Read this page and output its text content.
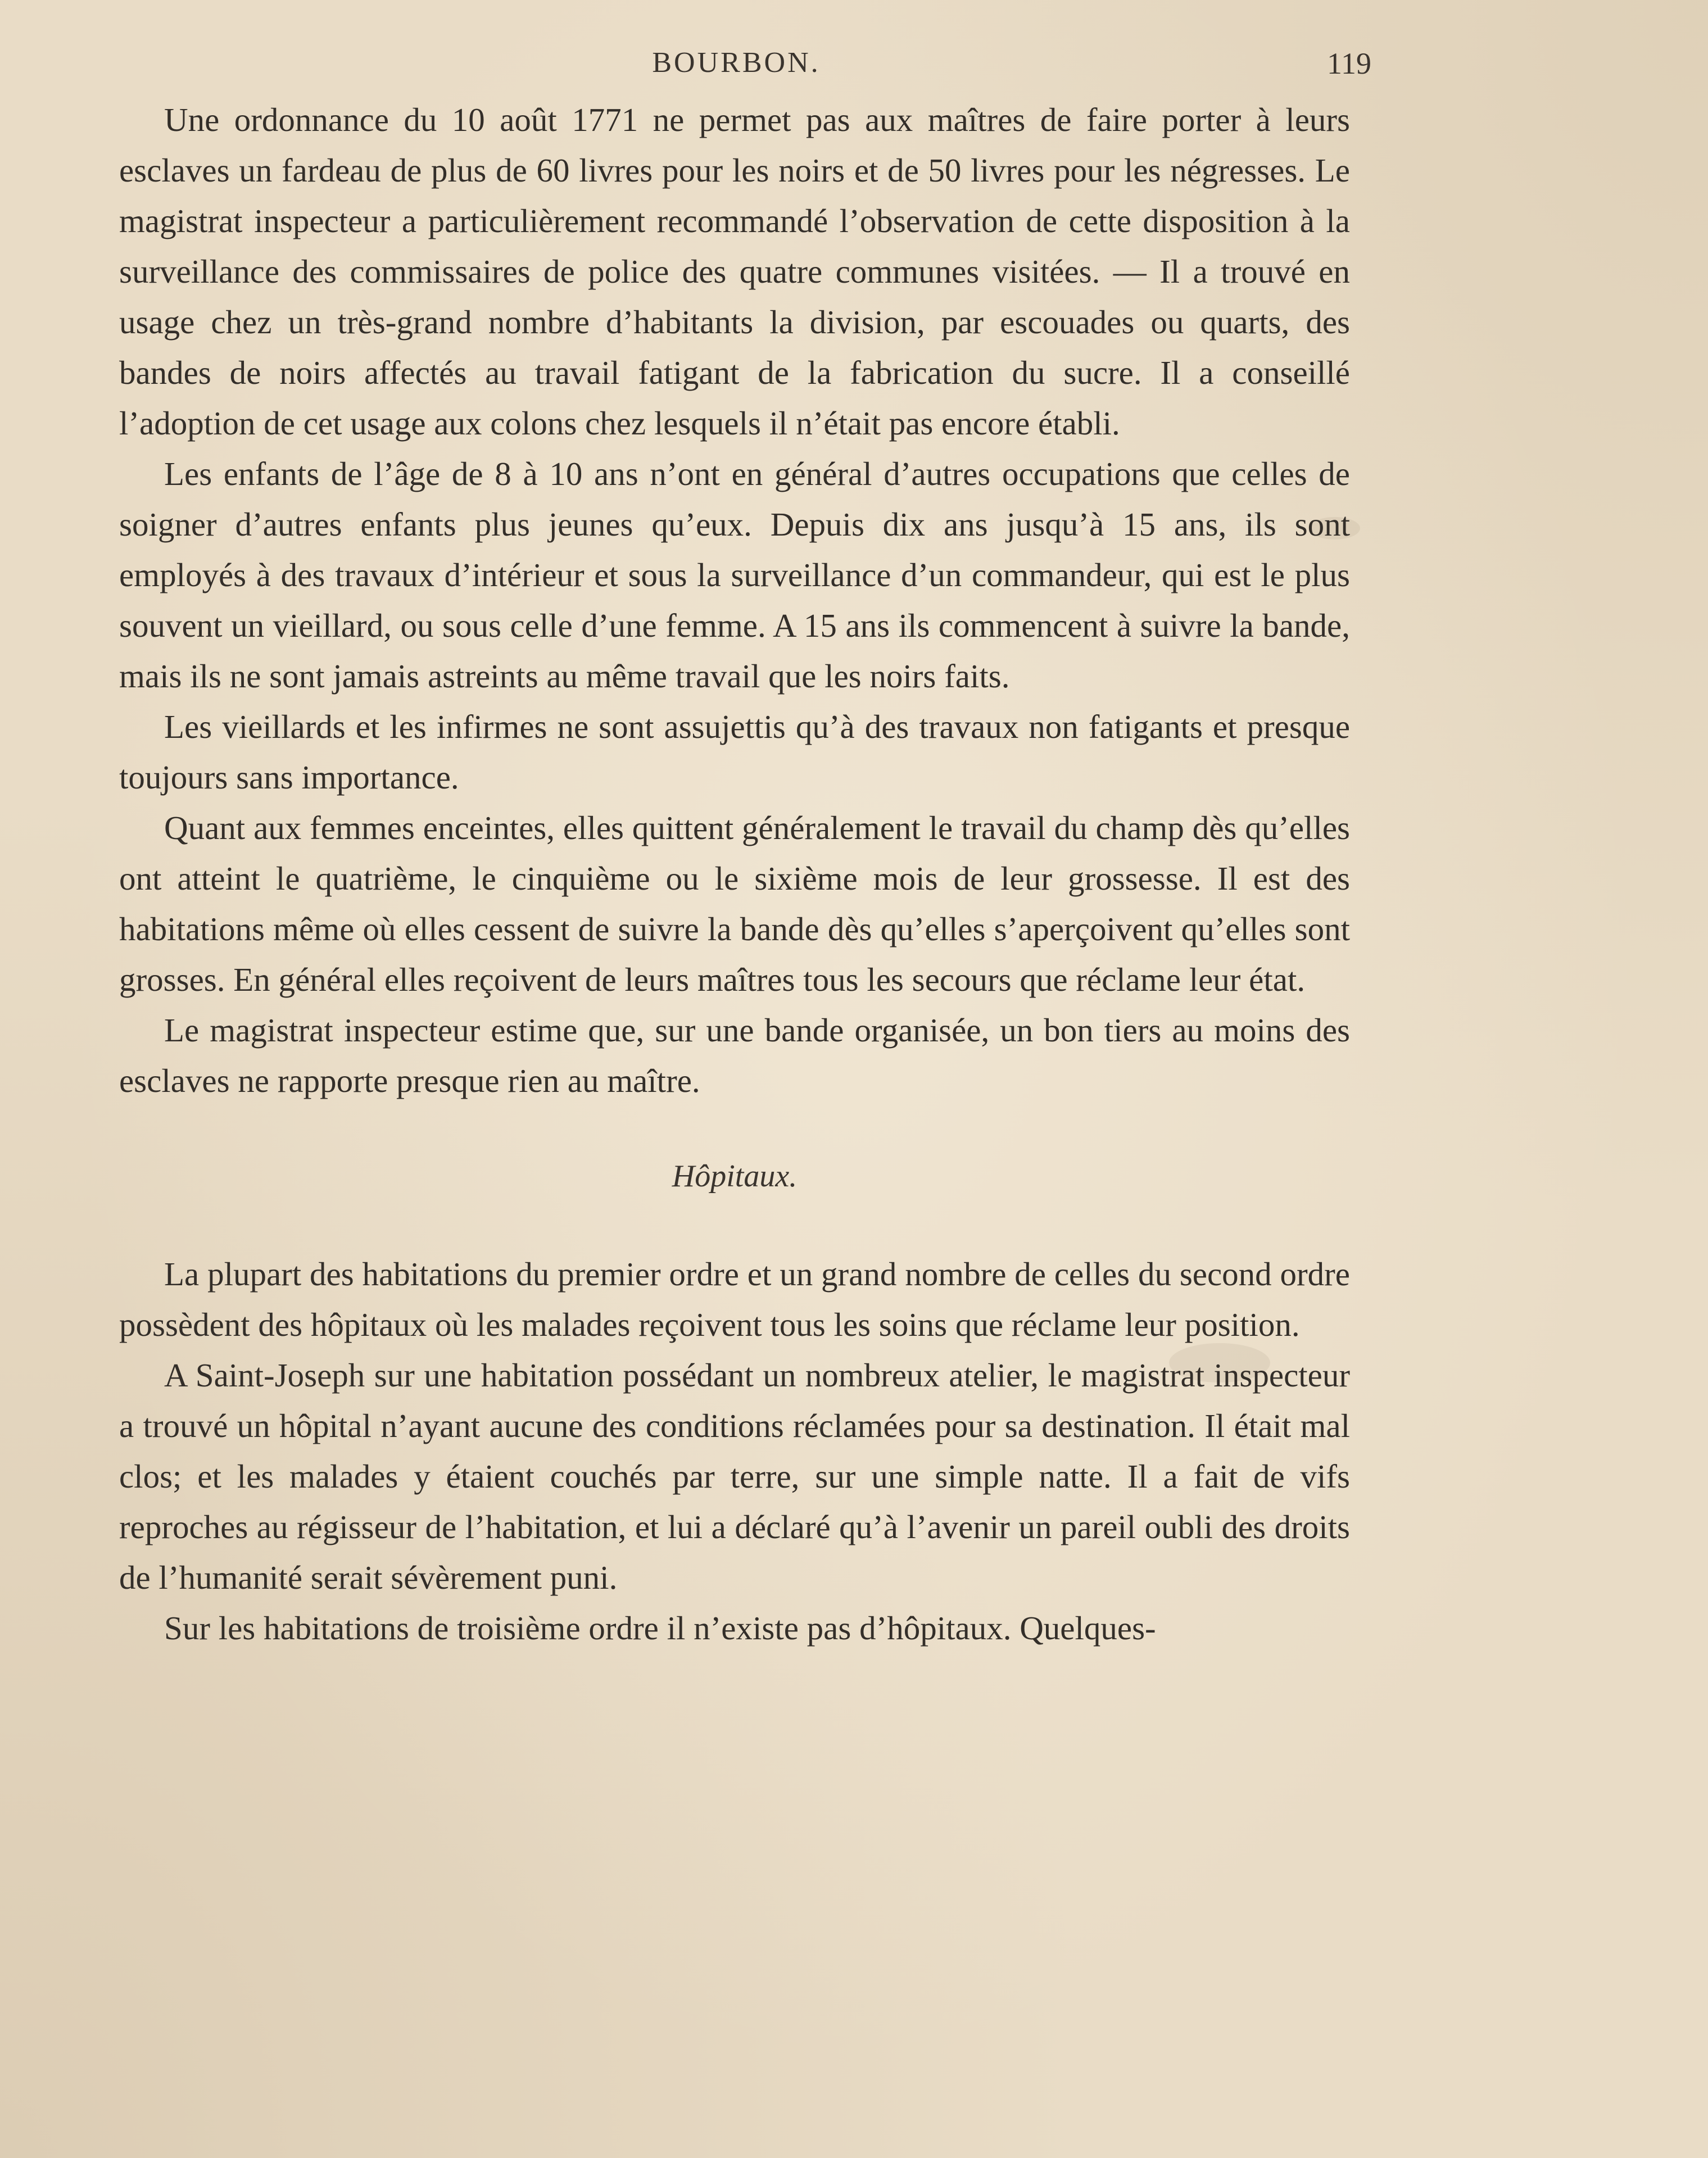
BOURBON.	119

Une ordonnance du 10 août 1771 ne permet pas aux maîtres de faire porter à leurs esclaves un fardeau de plus de 60 livres pour les noirs et de 50 livres pour les négresses. Le magistrat inspecteur a particulièrement recommandé l’observation de cette disposition à la surveillance des commissaires de police des quatre communes visitées. — Il a trouvé en usage chez un très-grand nombre d’habitants la division, par escouades ou quarts, des bandes de noirs affectés au travail fatigant de la fabrication du sucre. Il a conseillé l’adoption de cet usage aux colons chez lesquels il n’était pas encore établi.

Les enfants de l’âge de 8 à 10 ans n’ont en général d’autres occupations que celles de soigner d’autres enfants plus jeunes qu’eux. Depuis dix ans jusqu’à 15 ans, ils sont employés à des travaux d’intérieur et sous la surveillance d’un commandeur, qui est le plus souvent un vieillard, ou sous celle d’une femme. A 15 ans ils commencent à suivre la bande, mais ils ne sont jamais astreints au même travail que les noirs faits.

Les vieillards et les infirmes ne sont assujettis qu’à des travaux non fatigants et presque toujours sans importance.

Quant aux femmes enceintes, elles quittent généralement le travail du champ dès qu’elles ont atteint le quatrième, le cinquième ou le sixième mois de leur grossesse. Il est des habitations même où elles cessent de suivre la bande dès qu’elles s’aperçoivent qu’elles sont grosses. En général elles reçoivent de leurs maîtres tous les secours que réclame leur état.

Le magistrat inspecteur estime que, sur une bande organisée, un bon tiers au moins des esclaves ne rapporte presque rien au maître.

Hôpitaux.

La plupart des habitations du premier ordre et un grand nombre de celles du second ordre possèdent des hôpitaux où les malades reçoivent tous les soins que réclame leur position.

A Saint-Joseph sur une habitation possédant un nombreux atelier, le magistrat inspecteur a trouvé un hôpital n’ayant aucune des conditions réclamées pour sa destination. Il était mal clos; et les malades y étaient couchés par terre, sur une simple natte. Il a fait de vifs reproches au régisseur de l’habitation, et lui a déclaré qu’à l’avenir un pareil oubli des droits de l’humanité serait sévèrement puni.

Sur les habitations de troisième ordre il n’existe pas d’hôpitaux. Quelques-
